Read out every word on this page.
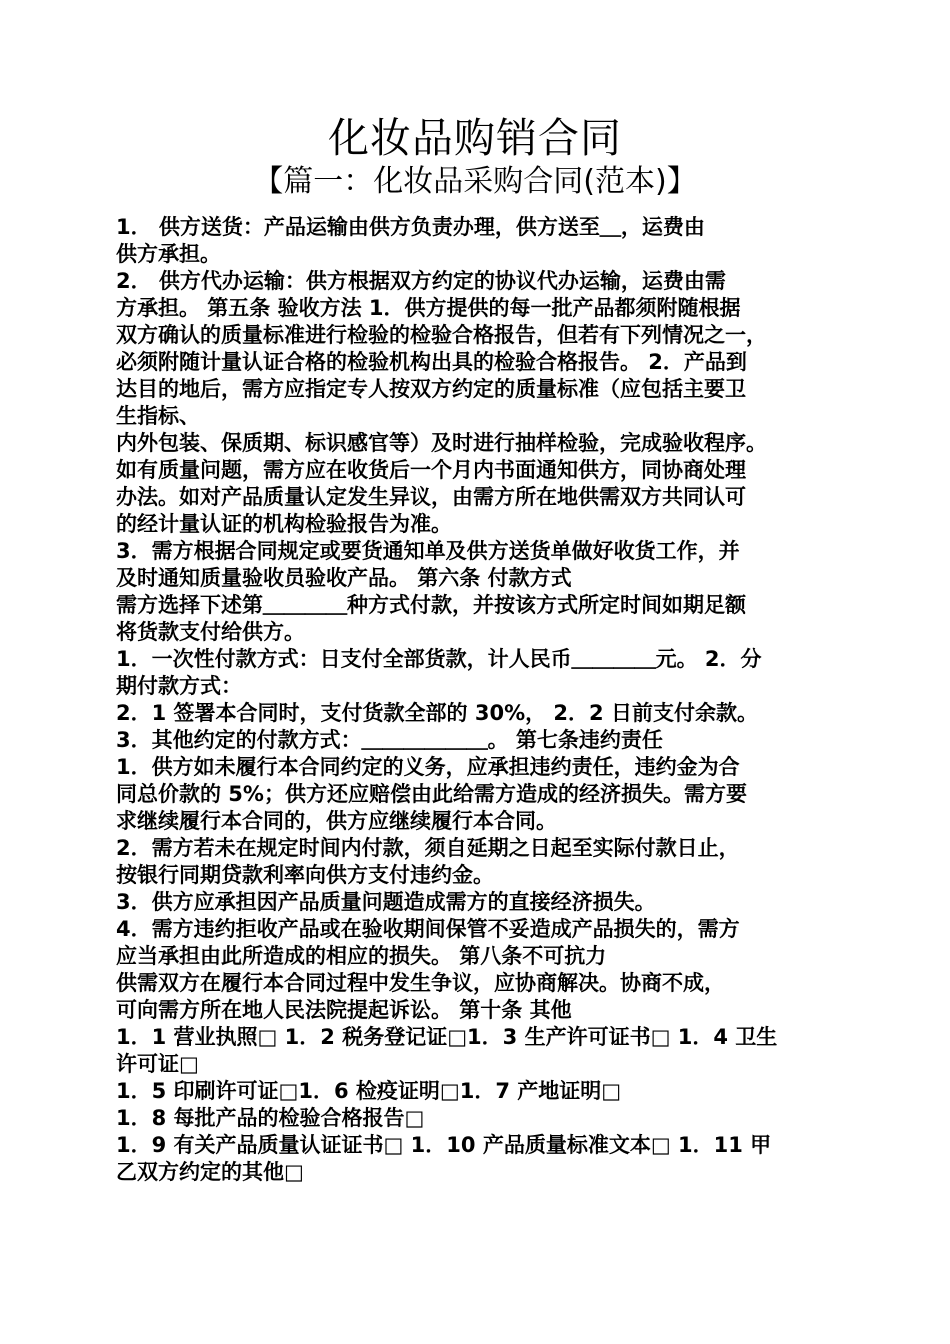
化妆品购销合同
【篇一：化妆品采购合同(范本)】
1． 供方送货：产品运输由供方负责办理，供方送至＿，运费由
供方承担。
2． 供方代办运输：供方根据双方约定的协议代办运输，运费由需
方承担。 第五条 验收方法 1．供方提供的每一批产品都须附随根据
双方确认的质量标准进行检验的检验合格报告，但若有下列情况之一，
必须附随计量认证合格的检验机构出具的检验合格报告。 2．产品到
达目的地后，需方应指定专人按双方约定的质量标准（应包括主要卫
生指标、
内外包装、保质期、标识感官等）及时进行抽样检验，完成验收程序。
如有质量问题，需方应在收货后一个月内书面通知供方，同协商处理
办法。如对产品质量认定发生异议，由需方所在地供需双方共同认可
的经计量认证的机构检验报告为准。
3．需方根据合同规定或要货通知单及供方送货单做好收货工作，并
及时通知质量验收员验收产品。 第六条 付款方式
需方选择下述第＿＿＿＿种方式付款，并按该方式所定时间如期足额
将货款支付给供方。
1．一次性付款方式：日支付全部货款，计人民币＿＿＿＿元。 2．分
期付款方式：
2．1 签署本合同时，支付货款全部的 30%， 2．2 日前支付余款。
3．其他约定的付款方式：＿＿＿＿＿＿。 第七条违约责任
1．供方如未履行本合同约定的义务，应承担违约责任，违约金为合
同总价款的 5%；供方还应赔偿由此给需方造成的经济损失。需方要
求继续履行本合同的，供方应继续履行本合同。
2．需方若未在规定时间内付款，须自延期之日起至实际付款日止，
按银行同期贷款利率向供方支付违约金。
3．供方应承担因产品质量问题造成需方的直接经济损失。
4．需方违约拒收产品或在验收期间保管不妥造成产品损失的，需方
应当承担由此所造成的相应的损失。 第八条不可抗力
供需双方在履行本合同过程中发生争议，应协商解决。协商不成，
可向需方所在地人民法院提起诉讼。 第十条 其他
1．1 营业执照□ 1．2 税务登记证□1．3 生产许可证书□ 1．4 卫生
许可证□
1．5 印刷许可证□1．6 检疫证明□1．7 产地证明□
1．8 每批产品的检验合格报告□
1．9 有关产品质量认证证书□ 1．10 产品质量标准文本□ 1．11 甲
乙双方约定的其他□
